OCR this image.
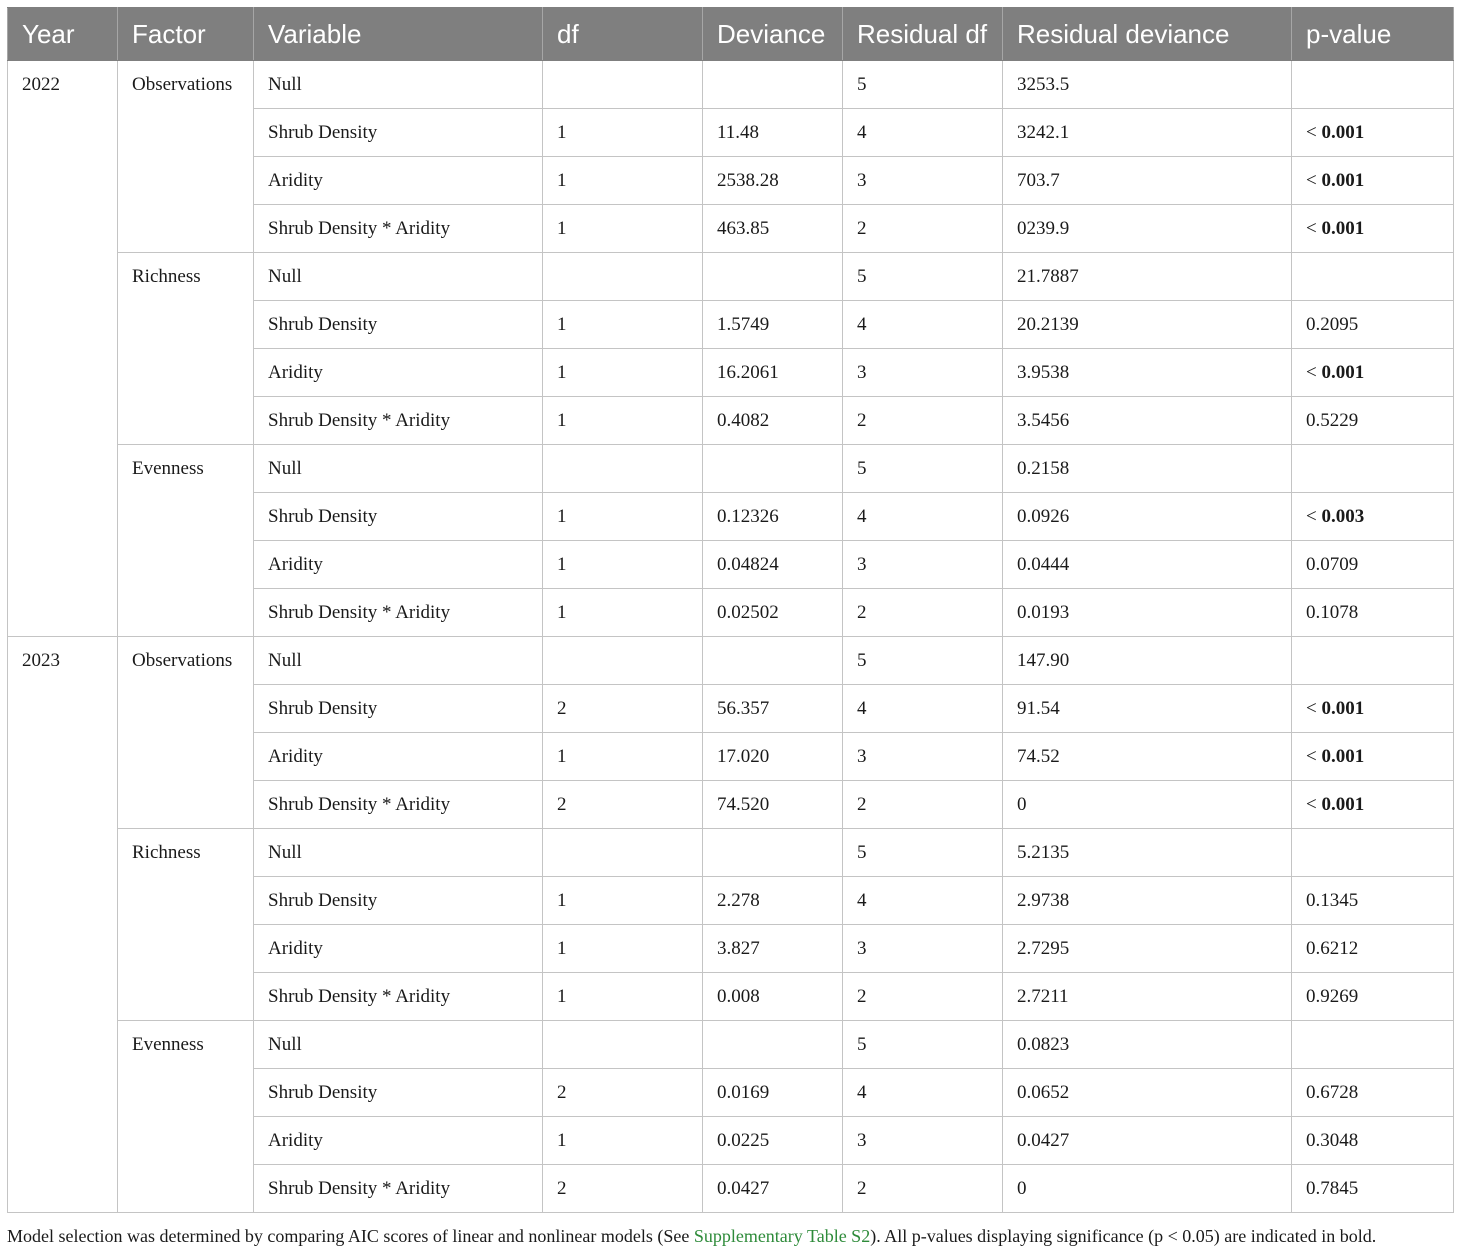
Year	Factor	Variable	df	Deviance	Residual df	Residual deviance	p-value
2022	Observations	Null			5	3253.5	
		Shrub Density	1	11.48	4	3242.1	< 0.001
		Aridity	1	2538.28	3	703.7	< 0.001
		Shrub Density * Aridity	1	463.85	2	0239.9	< 0.001
	Richness	Null			5	21.7887	
		Shrub Density	1	1.5749	4	20.2139	0.2095
		Aridity	1	16.2061	3	3.9538	< 0.001
		Shrub Density * Aridity	1	0.4082	2	3.5456	0.5229
	Evenness	Null			5	0.2158	
		Shrub Density	1	0.12326	4	0.0926	< 0.003
		Aridity	1	0.04824	3	0.0444	0.0709
		Shrub Density * Aridity	1	0.02502	2	0.0193	0.1078
2023	Observations	Null			5	147.90	
		Shrub Density	2	56.357	4	91.54	< 0.001
		Aridity	1	17.020	3	74.52	< 0.001
		Shrub Density * Aridity	2	74.520	2	0	< 0.001
	Richness	Null			5	5.2135	
		Shrub Density	1	2.278	4	2.9738	0.1345
		Aridity	1	3.827	3	2.7295	0.6212
		Shrub Density * Aridity	1	0.008	2	2.7211	0.9269
	Evenness	Null			5	0.0823	
		Shrub Density	2	0.0169	4	0.0652	0.6728
		Aridity	1	0.0225	3	0.0427	0.3048
		Shrub Density * Aridity	2	0.0427	2	0	0.7845
Model selection was determined by comparing AIC scores of linear and nonlinear models (See Supplementary Table S2). All p-values displaying significance (p < 0.05) are indicated in bold.
